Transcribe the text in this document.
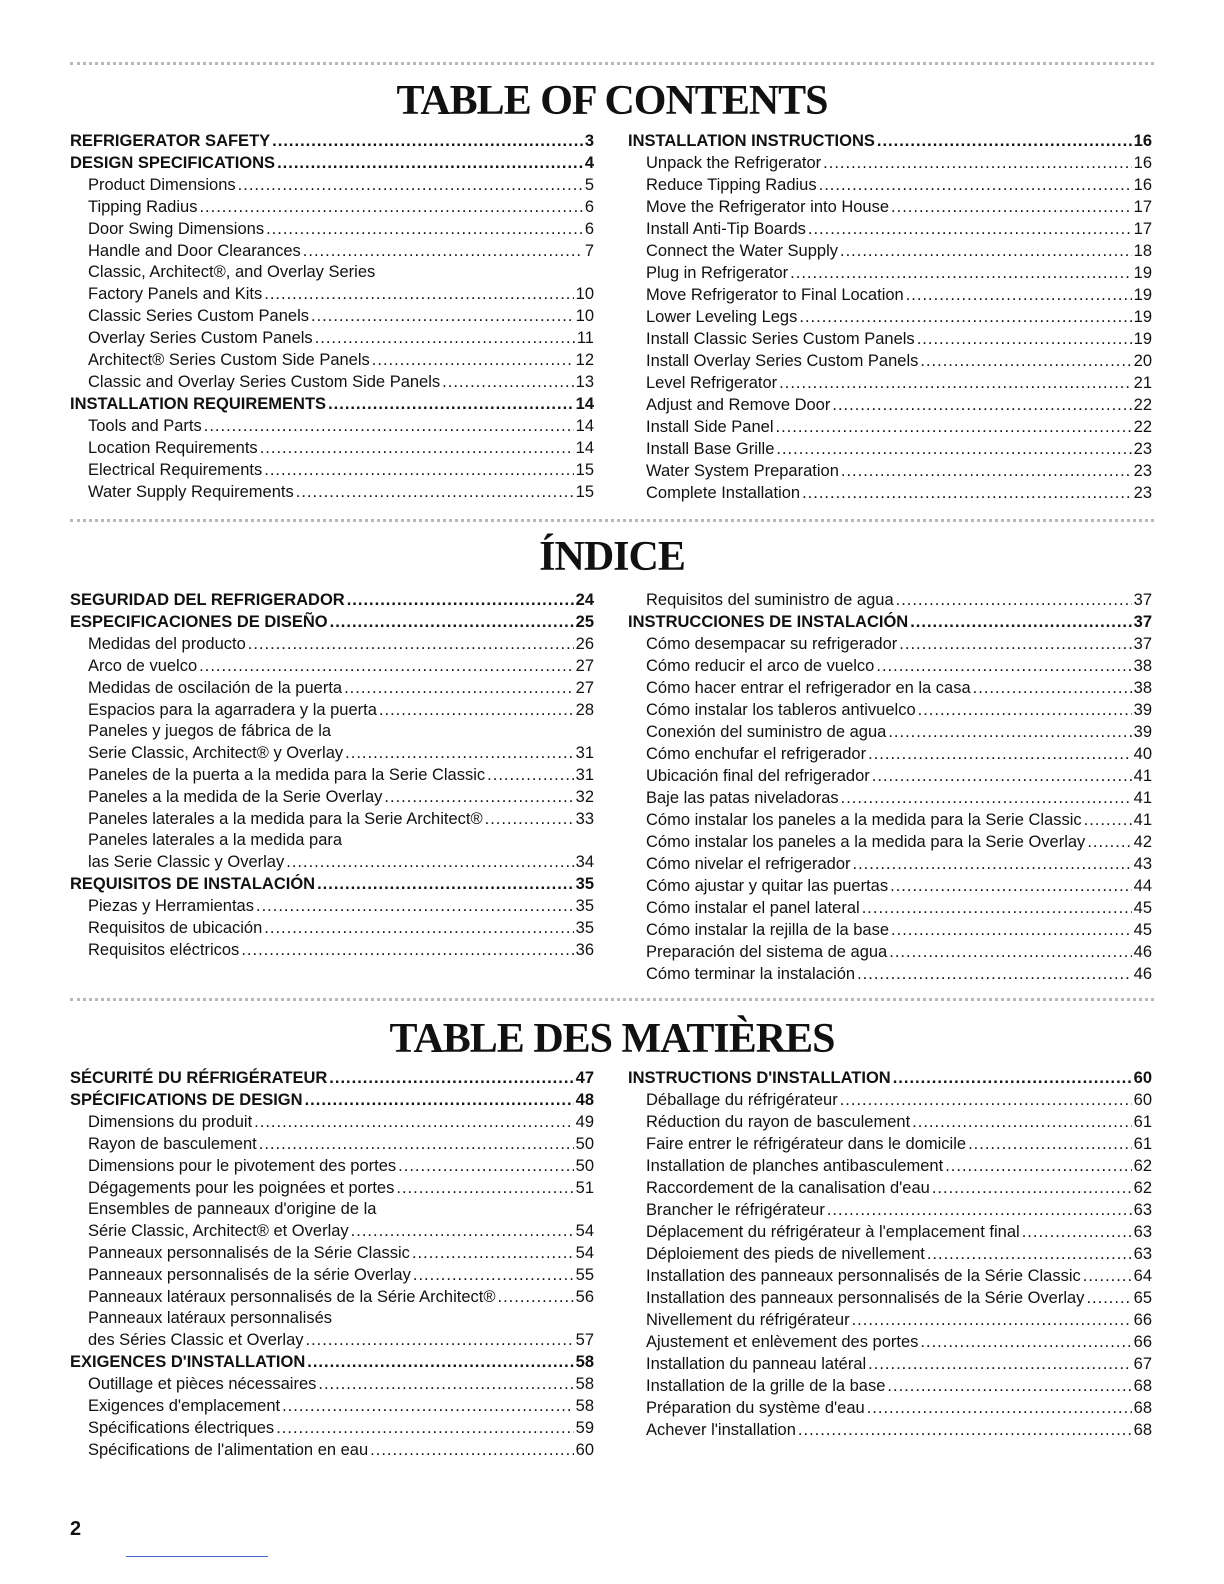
TABLE OF CONTENTS
REFRIGERATOR SAFETY .....	3
DESIGN SPECIFICATIONS .....	4
Product Dimensions .....	5
Tipping Radius .....	6
Door Swing Dimensions .....	6
Handle and Door Clearances .....	7
Classic, Architect®, and Overlay Series
Factory Panels and Kits .....	10
Classic Series Custom Panels .....	10
Overlay Series Custom Panels .....	11
Architect® Series Custom Side Panels .....	12
Classic and Overlay Series Custom Side Panels .....	13
INSTALLATION REQUIREMENTS .....	14
Tools and Parts .....	14
Location Requirements .....	14
Electrical Requirements .....	15
Water Supply Requirements .....	15
INSTALLATION INSTRUCTIONS .....	16
Unpack the Refrigerator .....	16
Reduce Tipping Radius .....	16
Move the Refrigerator into House .....	17
Install Anti-Tip Boards .....	17
Connect the Water Supply .....	18
Plug in Refrigerator .....	19
Move Refrigerator to Final Location .....	19
Lower Leveling Legs .....	19
Install Classic Series Custom Panels .....	19
Install Overlay Series Custom Panels .....	20
Level Refrigerator .....	21
Adjust and Remove Door .....	22
Install Side Panel .....	22
Install Base Grille .....	23
Water System Preparation .....	23
Complete Installation .....	23
ÍNDICE
SEGURIDAD DEL REFRIGERADOR .....	24
ESPECIFICACIONES DE DISEÑO .....	25
Medidas del producto .....	26
Arco de vuelco .....	27
Medidas de oscilación de la puerta .....	27
Espacios para la agarradera y la puerta .....	28
Paneles y juegos de fábrica de la
Serie Classic, Architect® y Overlay .....	31
Paneles de la puerta a la medida para la Serie Classic .....	31
Paneles a la medida de la Serie Overlay .....	32
Paneles laterales a la medida para la Serie Architect® .....	33
Paneles laterales a la medida para
las Serie Classic y Overlay .....	34
REQUISITOS DE INSTALACIÓN .....	35
Piezas y Herramientas .....	35
Requisitos de ubicación .....	35
Requisitos eléctricos .....	36
Requisitos del suministro de agua .....	37
INSTRUCCIONES DE INSTALACIÓN .....	37
Cómo desempacar su refrigerador .....	37
Cómo reducir el arco de vuelco .....	38
Cómo hacer entrar el refrigerador en la casa .....	38
Cómo instalar los tableros antivuelco .....	39
Conexión del suministro de agua .....	39
Cómo enchufar el refrigerador .....	40
Ubicación final del refrigerador .....	41
Baje las patas niveladoras .....	41
Cómo instalar los paneles a la medida para la Serie Classic .....	41
Cómo instalar los paneles a la medida para la Serie Overlay .....	42
Cómo nivelar el refrigerador .....	43
Cómo ajustar y quitar las puertas .....	44
Cómo instalar el panel lateral .....	45
Cómo instalar la rejilla de la base .....	45
Preparación del sistema de agua .....	46
Cómo terminar la instalación .....	46
TABLE DES MATIÈRES
SÉCURITÉ DU RÉFRIGÉRATEUR .....	47
SPÉCIFICATIONS DE DESIGN .....	48
Dimensions du produit .....	49
Rayon de basculement .....	50
Dimensions pour le pivotement des portes .....	50
Dégagements pour les poignées et portes .....	51
Ensembles de panneaux d'origine de la
Série Classic, Architect® et Overlay .....	54
Panneaux personnalisés de la Série Classic .....	54
Panneaux personnalisés de la série Overlay .....	55
Panneaux latéraux personnalisés de la Série Architect® .....	56
Panneaux latéraux personnalisés
des Séries Classic et Overlay .....	57
EXIGENCES D'INSTALLATION .....	58
Outillage et pièces nécessaires .....	58
Exigences d'emplacement .....	58
Spécifications électriques .....	59
Spécifications de l'alimentation en eau .....	60
INSTRUCTIONS D'INSTALLATION .....	60
Déballage du réfrigérateur .....	60
Réduction du rayon de basculement .....	61
Faire entrer le réfrigérateur dans le domicile .....	61
Installation de planches antibasculement .....	62
Raccordement de la canalisation d'eau .....	62
Brancher le réfrigérateur .....	63
Déplacement du réfrigérateur à l'emplacement final .....	63
Déploiement des pieds de nivellement .....	63
Installation des panneaux personnalisés de la Série Classic .....	64
Installation des panneaux personnalisés de la Série Overlay .....	65
Nivellement du réfrigérateur .....	66
Ajustement et enlèvement des portes .....	66
Installation du panneau latéral .....	67
Installation de la grille de la base .....	68
Préparation du système d'eau .....	68
Achever l'installation .....	68
2
